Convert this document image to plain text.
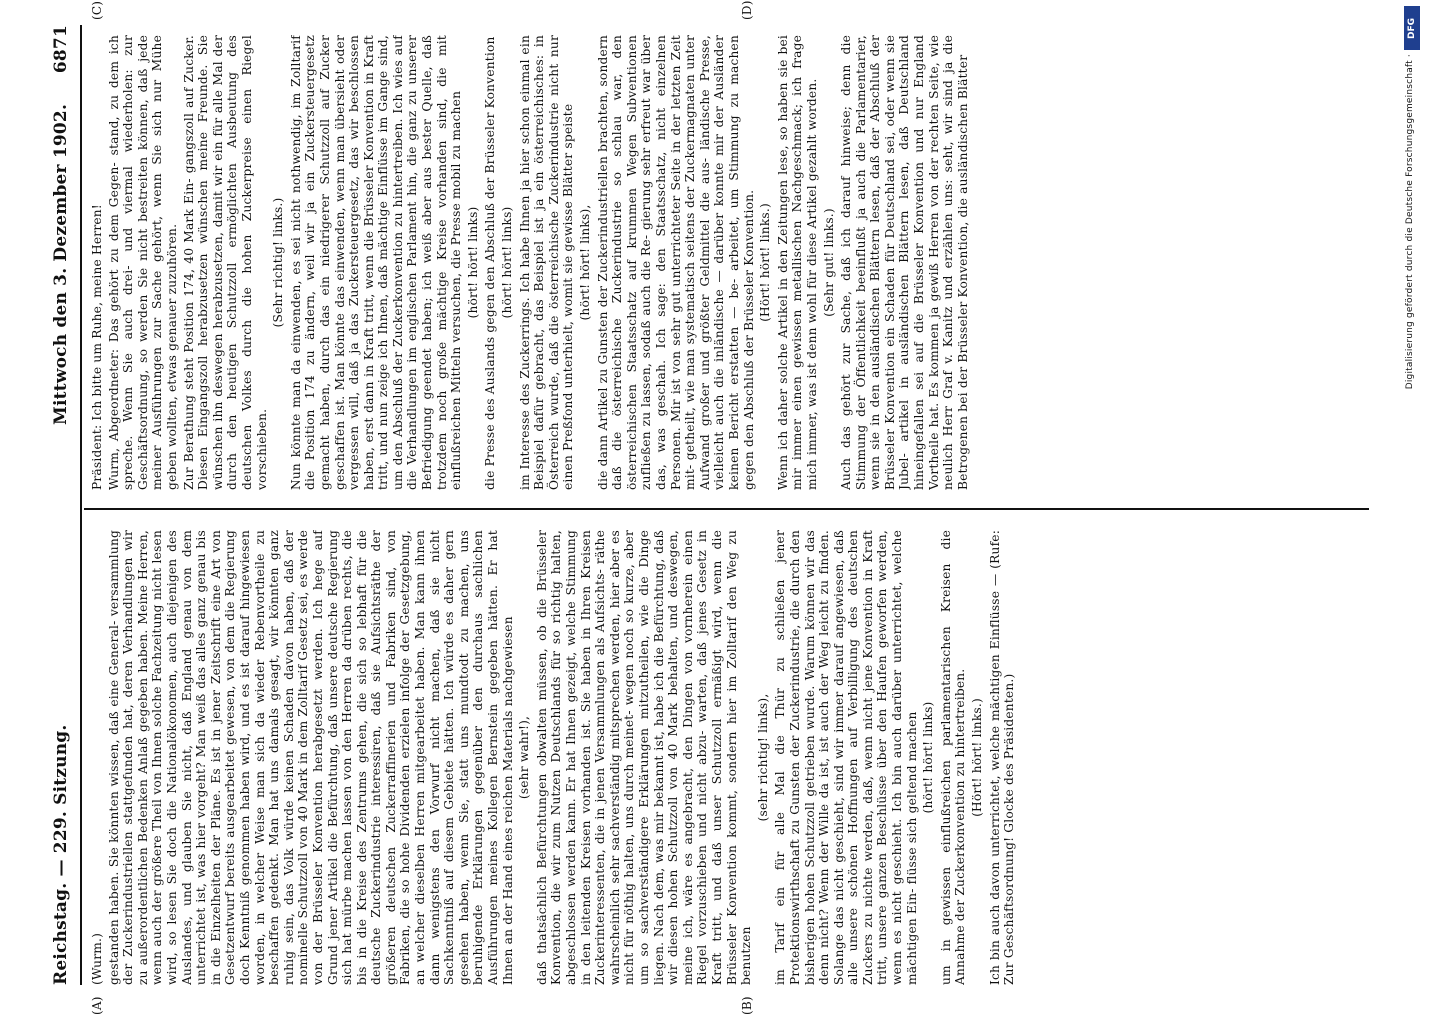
Reichstag. — 229. Sitzung.
Mittwoch den 3. Dezember 1902.
6871
(A)	(B)
(C)	(D)

(Wurm.) gestanden haben. Sie könnten wissen, daß eine General- versammlung der Zuckerindustriellen stattgefunden hat, deren Verhandlungen wir zu außerordentlichen Bedenken Anlaß gegeben haben. Meine Herren, wenn auch der größere Theil von Ihnen solche Fachzeitung nicht lesen wird, so lesen Sie doch die Nationalökonomen, auch diejenigen des Auslandes, und glauben Sie nicht, daß England genau von dem unterrichtet ist, was hier vorgeht? Man weiß das alles ganz genau bis in die Einzelheiten der Pläne. Es ist in jener Zeitschrift eine Art von Gesetzentwurf bereits ausgearbeitet gewesen, von dem die Regierung doch Kenntniß genommen haben wird, und es ist darauf hingewiesen worden, in welcher Weise man sich da wieder Rebenvortheile zu beschaffen gedenkt. Man hat uns damals gesagt, wir könnten ganz ruhig sein, das Volk würde keinen Schaden davon haben, daß der nominelle Schutzzoll von 40 Mark in dem Zolltarif Gesetz sei, es werde von der Brüsseler Konvention herabgesetzt werden. Ich hege auf Grund jener Artikel die Befürchtung, daß unsere deutsche Regierung sich hat mürbe machen lassen von den Herren da drüben rechts, die bis in die Kreise des Zentrums gehen, die sich so lebhaft für die deutsche Zuckerindustrie interessiren, daß sie Aufsichtsräthe der größeren deutschen Zuckerraffinerien und Fabriken sind, von Fabriken, die so hohe Dividenden erzielen infolge der Gesetzgebung, an welcher dieselben Herren mitgearbeitet haben. Man kann ihnen dann wenigstens den Vorwurf nicht machen, daß sie nicht Sachkenntniß auf diesem Gebiete hätten. Ich würde es daher gern gesehen haben, wenn Sie, statt uns mundtodt zu machen, uns beruhigende Erklärungen gegenüber den durchaus sachlichen Ausführungen meines Kollegen Bernstein gegeben hätten. Er hat Ihnen an der Hand eines reichen Materials nachgewiesen (sehr wahr!), daß thatsächlich Befürchtungen obwalten müssen, ob die Brüsseler Konvention, die wir zum Nutzen Deutschlands für so richtig halten, abgeschlossen werden kann. Er hat Ihnen gezeigt, welche Stimmung in den leitenden Kreisen vorhanden ist. Sie haben in Ihren Kreisen Zuckerinteressenten, die in jenen Versammlungen als Aufsichts- räthe wahrscheinlich sehr sachverständig mitsprechen werden, hier aber es nicht für nöthig halten, uns durch meinet- wegen noch so kurze, aber um so sachverständigere Erklärungen mitzutheilen, wie die Dinge liegen. Nach dem, was mir bekannt ist, habe ich die Befürchtung, daß wir diesen hohen Schutzzoll von 40 Mark behalten, und deswegen, meine ich, wäre es angebracht, den Dingen von vornherein einen Riegel vorzuschieben und nicht abzu- warten, daß jenes Gesetz in Kraft tritt, und daß unser Schutzzoll ermäßigt wird, wenn die Brüsseler Konvention kommt, sondern hier im Zolltarif den Weg zu benutzen

(sehr richtig! links), im Tarif ein für alle Mal die Thür zu schließen jener Protektionswirthschaft zu Gunsten der Zuckerindustrie, die durch den bisherigen hohen Schutzzoll getrieben wurde. Warum können wir das denn nicht? Wenn der Wille da ist, ist auch der Weg leicht zu finden. Solange das nicht geschieht, sind wir immer darauf angewiesen, daß alle unsere schönen Hoffnungen auf Verbilligung des deutschen Zuckers zu nichte werden, daß, wenn nicht jene Konvention in Kraft tritt, unsere ganzen Beschlüsse über den Haufen geworfen werden, wenn es nicht geschieht. Ich bin auch darüber unterrichtet, welche mächtigen Ein- flüsse sich geltend machen (hört! hört! links) um in gewissen einflußreichen parlamentarischen Kreisen die Annahme der Zuckerkonvention zu hintertreiben. (Hört! hört! links.) Ich bin auch davon unterrichtet, welche mächtigen Einflüsse — (Rufe: Zur Geschäftsordnung! Glocke des Präsidenten.)

Präsident: Ich bitte um Ruhe, meine Herren! Wurm, Abgeordneter: Das gehört zu dem Gegen- stand, zu dem ich spreche. Wenn Sie auch drei- und viermal wiederholen: zur Geschäftsordnung, so werden Sie nicht bestreiten können, daß jede meiner Ausführungen zur Sache gehört, wenn Sie sich nur Mühe geben wollten, etwas genauer zuzuhören. Zur Berathung steht Position 174, 40 Mark Ein- gangszoll auf Zucker. Diesen Eingangszoll herabzusetzen wünschen meine Freunde. Sie wünschen ihn deswegen herabzusetzen, damit wir ein für alle Mal der durch den heutigen Schutzzoll ermöglichten Ausbeutung des deutschen Volkes durch die hohen Zuckerpreise einen Riegel vorschieben.

(Sehr richtig! links.) Nun könnte man da einwenden, es sei nicht nothwendig, im Zolltarif die Position 174 zu ändern, weil wir ja ein Zuckersteuergesetz gemacht haben, durch das ein niedrigerer Schutzzoll auf Zucker geschaffen ist. Man könnte das einwenden, wenn man übersieht oder vergessen will, daß ja das Zuckersteuergesetz, das wir beschlossen haben, erst dann in Kraft tritt, wenn die Brüsseler Konvention in Kraft tritt, und nun zeige ich Ihnen, daß mächtige Einflüsse im Gange sind, um den Abschluß der Zuckerkonvention zu hintertreiben. Ich wies auf die Verhandlungen im englischen Parlament hin, die ganz zu unserer Befriedigung geendet haben; ich weiß aber aus bester Quelle, daß trotzdem noch große mächtige Kreise vorhanden sind, die mit einflußreichen Mitteln versuchen, die Presse mobil zu machen (hört! hört! links) die Presse des Auslands gegen den Abschluß der Brüsseler Konvention (hört! hört! links) im Interesse des Zuckerrings. Ich habe Ihnen ja hier schon einmal ein Beispiel dafür gebracht, das Beispiel ist ja ein österreichisches: in Österreich wurde, daß die österreichische Zuckerindustrie nicht nur einen Preßfond unterhielt, womit sie gewisse Blätter speiste (hört! hört! links), die dann Artikel zu Gunsten der Zuckerindustriellen brachten, sondern daß die österreichische Zuckerindustrie so schlau war, den österreichischen Staatsschatz auf krummen Wegen Subventionen zufließen zu lassen, sodaß auch die Re- gierung sehr erfreut war über das, was geschah. Ich sage: den Staatsschatz, nicht einzelnen Personen. Mir ist von sehr gut unterrichteter Seite in der letzten Zeit mit- getheilt, wie man systematisch seitens der Zuckermagnaten unter Aufwand großer und größter Geldmittel die aus- ländische Presse, vielleicht auch die inländische — darüber konnte mir der Ausländer keinen Bericht erstatten — be- arbeitet, um Stimmung zu machen gegen den Abschluß der Brüsseler Konvention. (Hört! hört! links.) Wenn ich daher solche Artikel in den Zeitungen lese, so haben sie bei mir immer einen gewissen metallischen Nachgeschmack; ich frage mich immer, was ist denn wohl für diese Artikel gezahlt worden. (Sehr gut! links.) Auch das gehört zur Sache, daß ich darauf hinweise; denn die Stimmung der Öffentlichkeit beeinflußt ja auch die Parlamentarier, wenn sie in den ausländischen Blättern lesen, daß der Abschluß der Brüsseler Konvention ein Schaden für Deutschland sei, oder wenn sie Jubel- artikel in ausländischen Blättern lesen, daß Deutschland hineingefallen sei auf die Brüsseler Konvention und nur England Vortheile hat. Es kommen ja gewiß Herren von der rechten Seite, wie neulich Herr Graf v. Kanitz und erzählen uns: seht, wir sind ja die Betrogenen bei der Brüsseler Konvention, die ausländischen Blätter

DFG
Digitalisierung gefördert durch die Deutsche Forschungsgemeinschaft ·
